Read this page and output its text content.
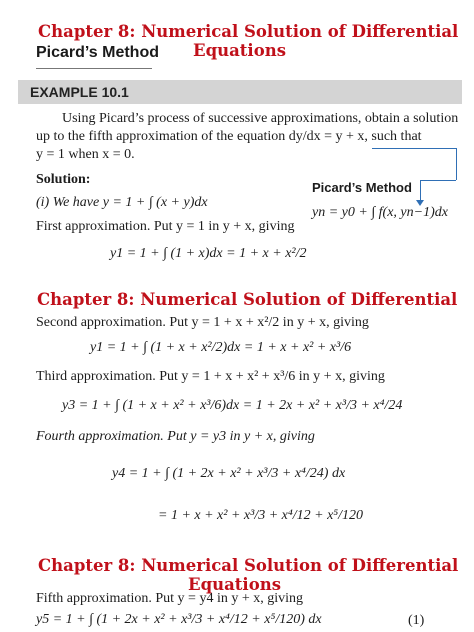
Chapter 8: Numerical Solution of Differential
Equations
Picard’s Method
EXAMPLE 10.1
Using Picard’s process of successive approximations, obtain a solution
up to the fifth approximation of the equation dy/dx = y + x, such that
y = 1 when x = 0.
Solution:
(i) We have y = 1 + ∫ (x + y)dx
Picard’s Method
yn = y0 + ∫ f(x, yn−1)dx
First approximation. Put y = 1 in y + x, giving
y1 = 1 + ∫ (1 + x)dx = 1 + x + x²/2
Chapter 8: Numerical Solution of Differential
Second approximation. Put y = 1 + x + x²/2 in y + x, giving
y1 = 1 + ∫ (1 + x + x²/2)dx = 1 + x + x² + x³/6
Third approximation. Put y = 1 + x + x² + x³/6 in y + x, giving
y3 = 1 + ∫ (1 + x + x² + x³/6)dx = 1 + 2x + x² + x³/3 + x⁴/24
Fourth approximation. Put y = y3 in y + x, giving
y4 = 1 + ∫ (1 + 2x + x² + x³/3 + x⁴/24) dx
= 1 + x + x² + x³/3 + x⁴/12 + x⁵/120
Chapter 8: Numerical Solution of Differential
Equations
Fifth approximation. Put y = y4 in y + x, giving
y5 = 1 + ∫ (1 + 2x + x² + x³/3 + x⁴/12 + x⁵/120) dx	(1)
